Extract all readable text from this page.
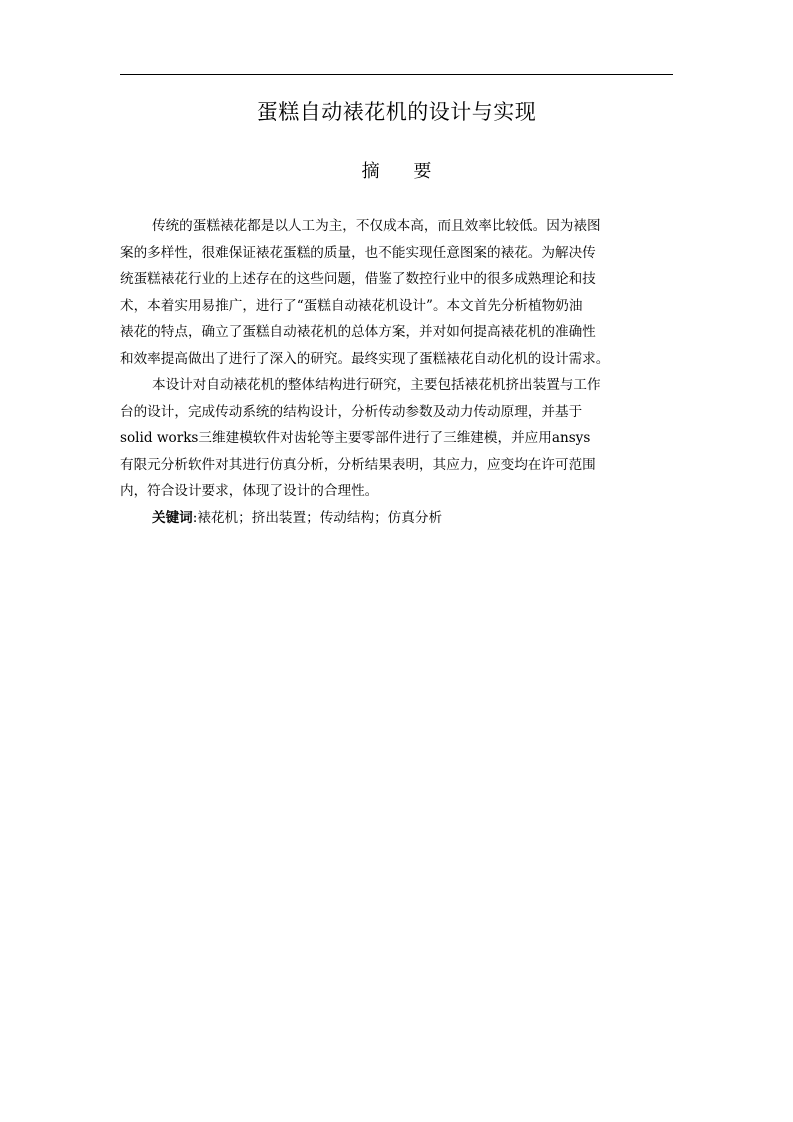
蛋糕自动裱花机的设计与实现
摘 要
传统的蛋糕裱花都是以人工为主，不仅成本高，而且效率比较低。因为裱图
案的多样性，很难保证裱花蛋糕的质量，也不能实现任意图案的裱花。为解决传
统蛋糕裱花行业的上述存在的这些问题，借鉴了数控行业中的很多成熟理论和技
术，本着实用易推广，进行了“蛋糕自动裱花机设计”。本文首先分析植物奶油
裱花的特点，确立了蛋糕自动裱花机的总体方案，并对如何提高裱花机的准确性
和效率提高做出了进行了深入的研究。最终实现了蛋糕裱花自动化机的设计需求。
本设计对自动裱花机的整体结构进行研究，主要包括裱花机挤出装置与工作
台的设计，完成传动系统的结构设计，分析传动参数及动力传动原理，并基于
solid works三维建模软件对齿轮等主要零部件进行了三维建模，并应用ansys
有限元分析软件对其进行仿真分析，分析结果表明，其应力，应变均在许可范围
内，符合设计要求，体现了设计的合理性。
关键词:裱花机；挤出装置；传动结构；仿真分析
